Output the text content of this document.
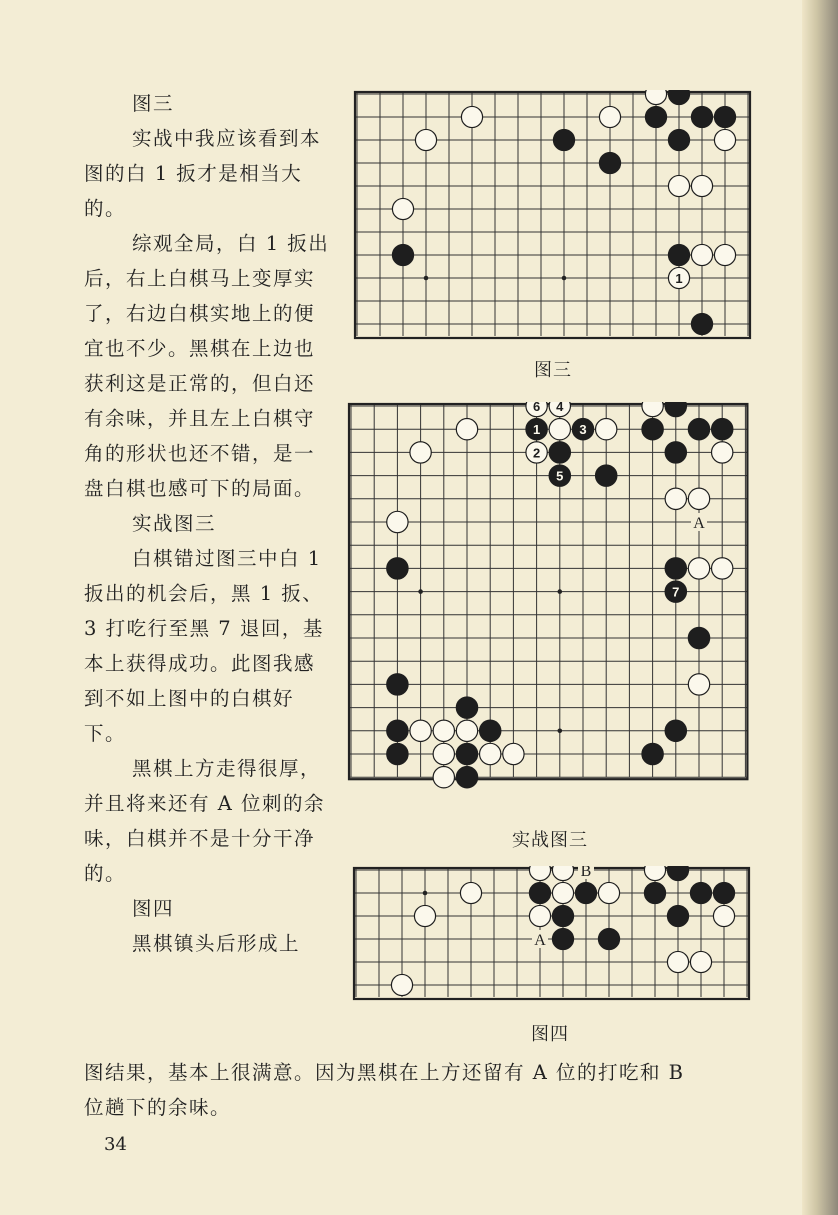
图三

实战中我应该看到本图的白 1 扳才是相当大的。

综观全局，白 1 扳出后，右上白棋马上变厚实了，右边白棋实地上的便宜也不少。黑棋在上边也获利这是正常的，但白还有余味，并且左上白棋守角的形状也还不错，是一盘白棋也感可下的局面。

实战图三

白棋错过图三中白 1 扳出的机会后，黑 1 扳、3 打吃行至黑 7 退回，基本上获得成功。此图我感到不如上图中的白棋好下。

黑棋上方走得很厚，并且将来还有 A 位刺的余味，白棋并不是十分干净的。

图四

黑棋镇头后形成上

1
图三
A
6 4
1	3
2
5
7
实战图三
B
A
图四

图结果，基本上很满意。因为黑棋在上方还留有 A 位的打吃和 B

位趟下的余味。

34
